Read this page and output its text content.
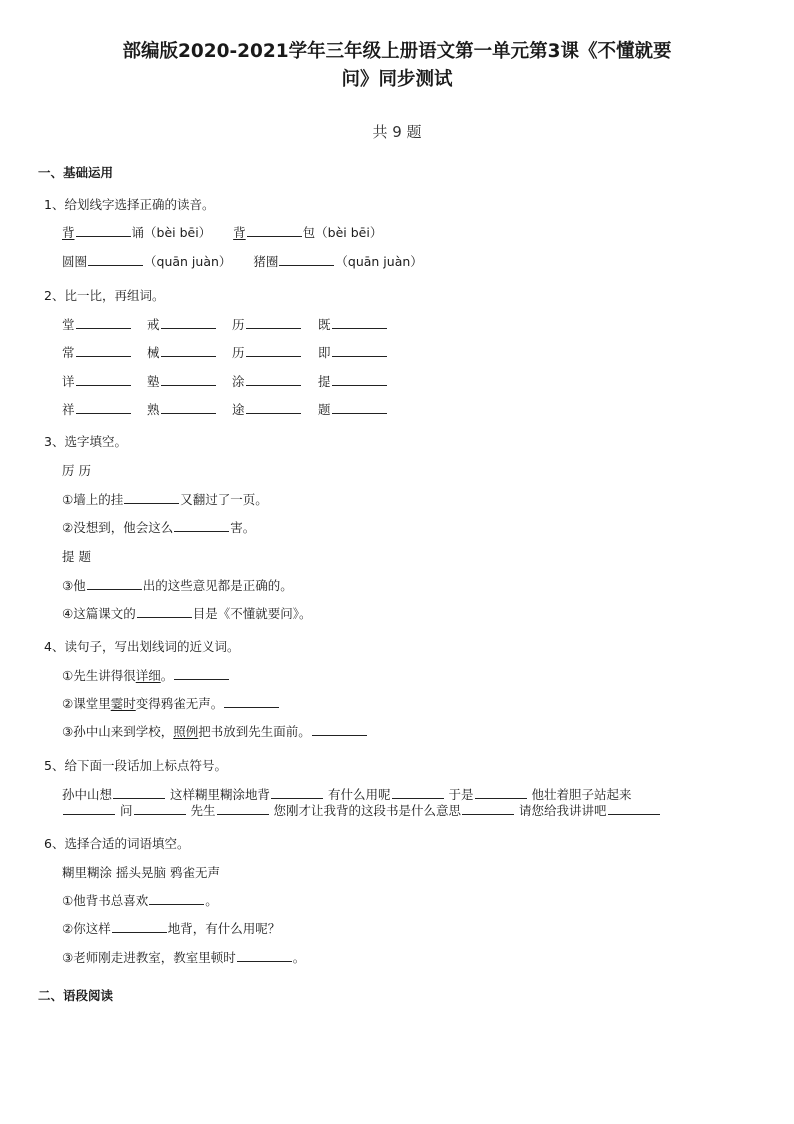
部编版2020-2021学年三年级上册语文第一单元第3课《不懂就要
问》同步测试
共 9 题
一、基础运用
1、给划线字选择正确的读音。
背	诵（bèi bēi） 背	包（bèi bēi）
圆圈	（quān juàn） 猪圈	（quān juàn）
2、比一比，再组词。
堂	戒	历	既
常	械	历	即
详	塾	涂	提
祥	熟	途	题
3、选字填空。
厉 历
①墙上的挂	又翻过了一页。
②没想到，他会这么	害。
提 题
③他	出的这些意见都是正确的。
④这篇课文的	目是《不懂就要问》。
4、读句子，写出划线词的近义词。
①先生讲得很详细。
②课堂里霎时变得鸦雀无声。
③孙中山来到学校，照例把书放到先生面前。
5、给下面一段话加上标点符号。
孙中山想	这样糊里糊涂地背	有什么用呢	于是	他壮着胆子站起来
问	先生	您刚才让我背的这段书是什么意思	请您给我讲讲吧
6、选择合适的词语填空。
糊里糊涂 摇头晃脑 鸦雀无声
①他背书总喜欢	。
②你这样	地背，有什么用呢？
③老师刚走进教室，教室里顿时	。
二、语段阅读
